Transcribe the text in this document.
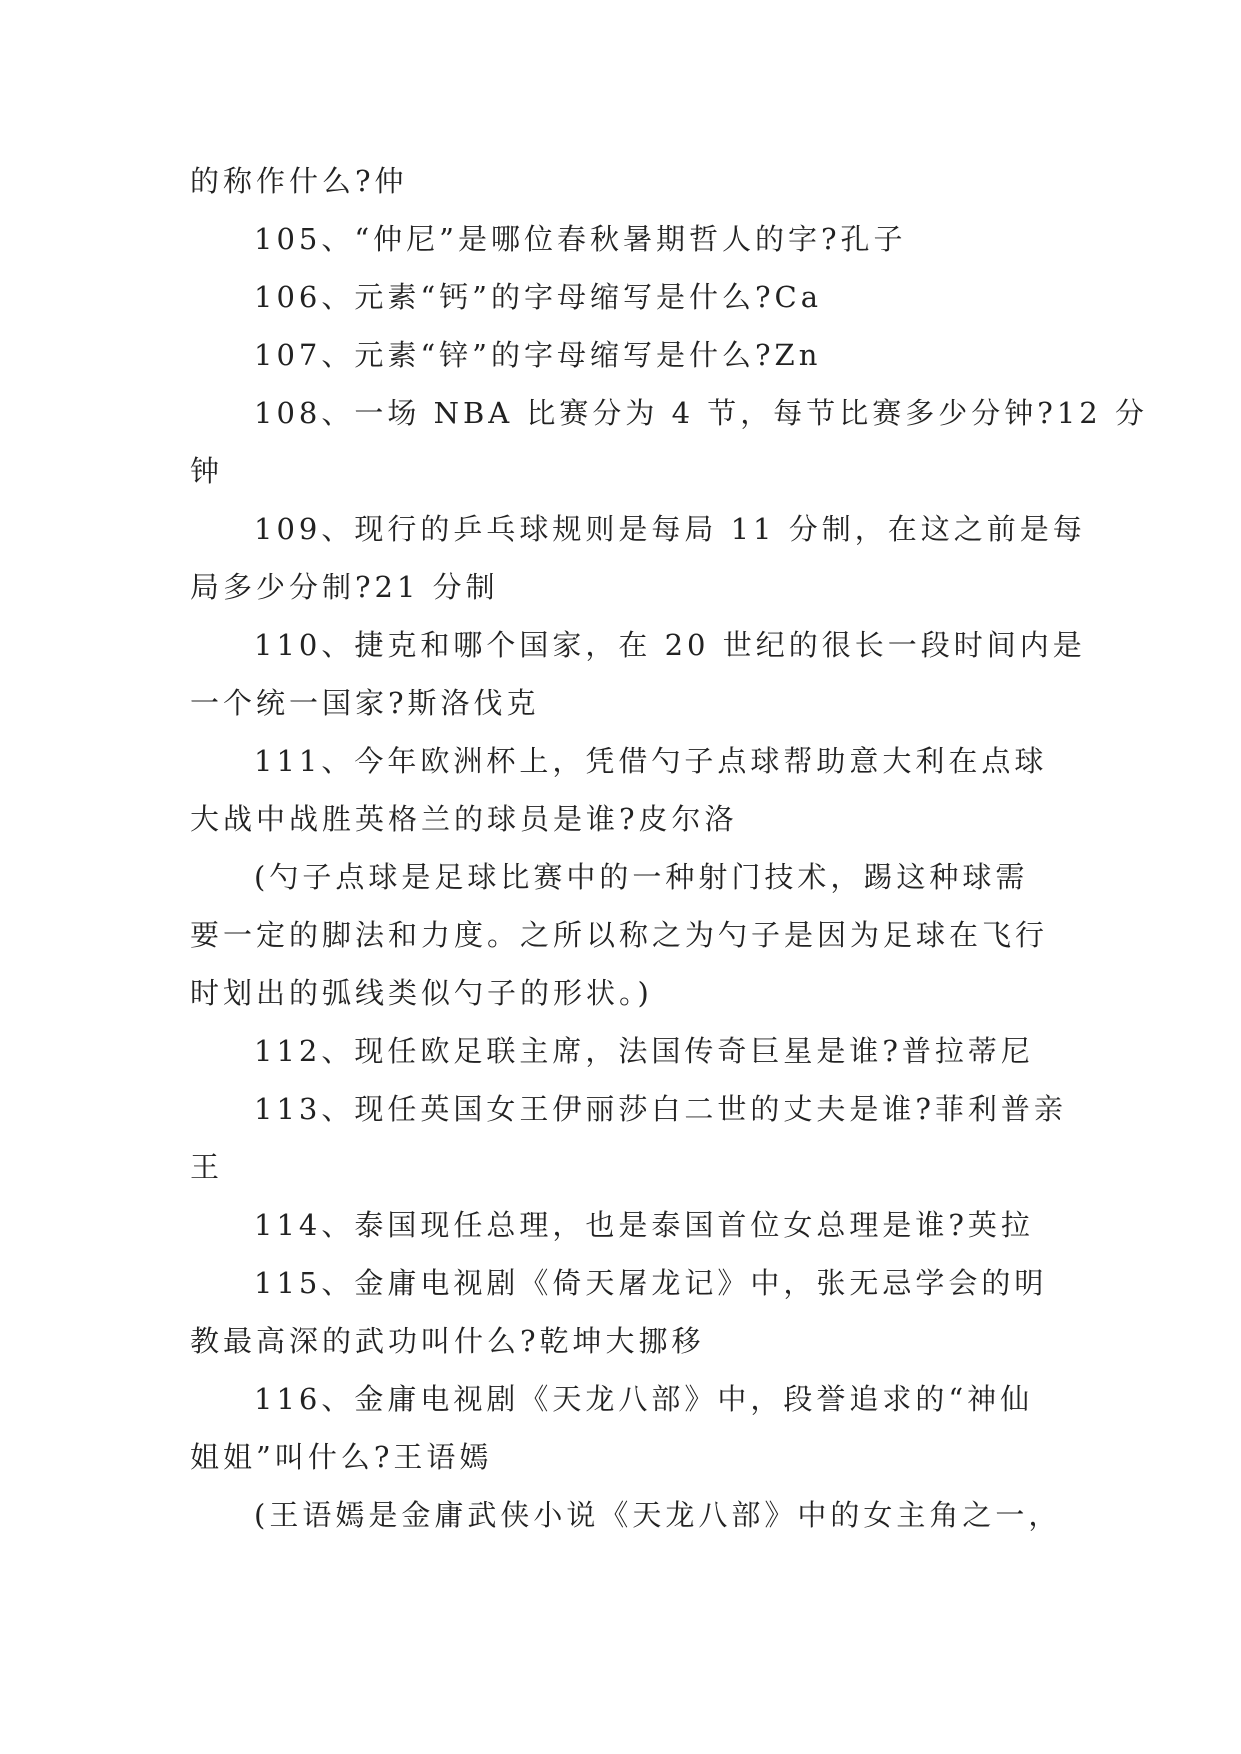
的称作什么?仲
105、“仲尼”是哪位春秋暑期哲人的字?孔子
106、元素“钙”的字母缩写是什么?Ca
107、元素“锌”的字母缩写是什么?Zn
108、一场 NBA 比赛分为 4 节，每节比赛多少分钟?12 分
钟
109、现行的乒乓球规则是每局 11 分制，在这之前是每
局多少分制?21 分制
110、捷克和哪个国家，在 20 世纪的很长一段时间内是
一个统一国家?斯洛伐克
111、今年欧洲杯上，凭借勺子点球帮助意大利在点球
大战中战胜英格兰的球员是谁?皮尔洛
(勺子点球是足球比赛中的一种射门技术，踢这种球需
要一定的脚法和力度。之所以称之为勺子是因为足球在飞行
时划出的弧线类似勺子的形状。)
112、现任欧足联主席，法国传奇巨星是谁?普拉蒂尼
113、现任英国女王伊丽莎白二世的丈夫是谁?菲利普亲
王
114、泰国现任总理，也是泰国首位女总理是谁?英拉
115、金庸电视剧《倚天屠龙记》中，张无忌学会的明
教最高深的武功叫什么?乾坤大挪移
116、金庸电视剧《天龙八部》中，段誉追求的“神仙
姐姐”叫什么?王语嫣
(王语嫣是金庸武侠小说《天龙八部》中的女主角之一，
